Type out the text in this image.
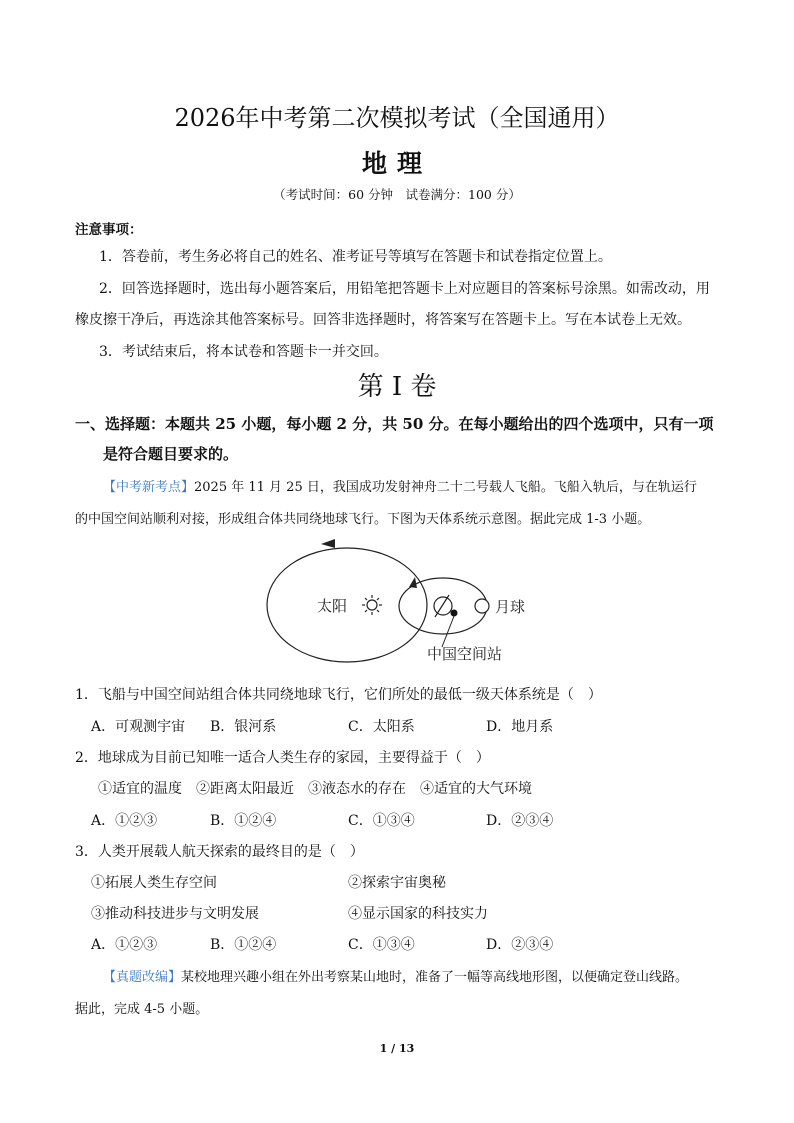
2026年中考第二次模拟考试（全国通用）
地理
（考试时间：60 分钟　试卷满分：100 分）
注意事项：
1．答卷前，考生务必将自己的姓名、准考证号等填写在答题卡和试卷指定位置上。
2．回答选择题时，选出每小题答案后，用铅笔把答题卡上对应题目的答案标号涂黑。如需改动，用
橡皮擦干净后，再选涂其他答案标号。回答非选择题时，将答案写在答题卡上。写在本试卷上无效。
3．考试结束后，将本试卷和答题卡一并交回。
第 I 卷
一、选择题：本题共 25 小题，每小题 2 分，共 50 分。在每小题给出的四个选项中，只有一项
是符合题目要求的。
【中考新考点】2025 年 11 月 25 日，我国成功发射神舟二十二号载人飞船。飞船入轨后，与在轨运行
的中国空间站顺利对接，形成组合体共同绕地球飞行。下图为天体系统示意图。据此完成 1-3 小题。
太阳	月球
中国空间站
1．飞船与中国空间站组合体共同绕地球飞行，它们所处的最低一级天体系统是（　）
A．可观测宇宙 B．银河系	C．太阳系	D．地月系
2．地球成为目前已知唯一适合人类生存的家园，主要得益于（　）
①适宜的温度　②距离太阳最近　③液态水的存在　④适宜的大气环境
A．①②③	B．①②④	C．①③④	D．②③④
3．人类开展载人航天探索的最终目的是（　）
①拓展人类生存空间	②探索宇宙奥秘
③推动科技进步与文明发展	④显示国家的科技实力
A．①②③	B．①②④	C．①③④	D．②③④
【真题改编】某校地理兴趣小组在外出考察某山地时，准备了一幅等高线地形图，以便确定登山线路。
据此，完成 4-5 小题。
1 / 13
